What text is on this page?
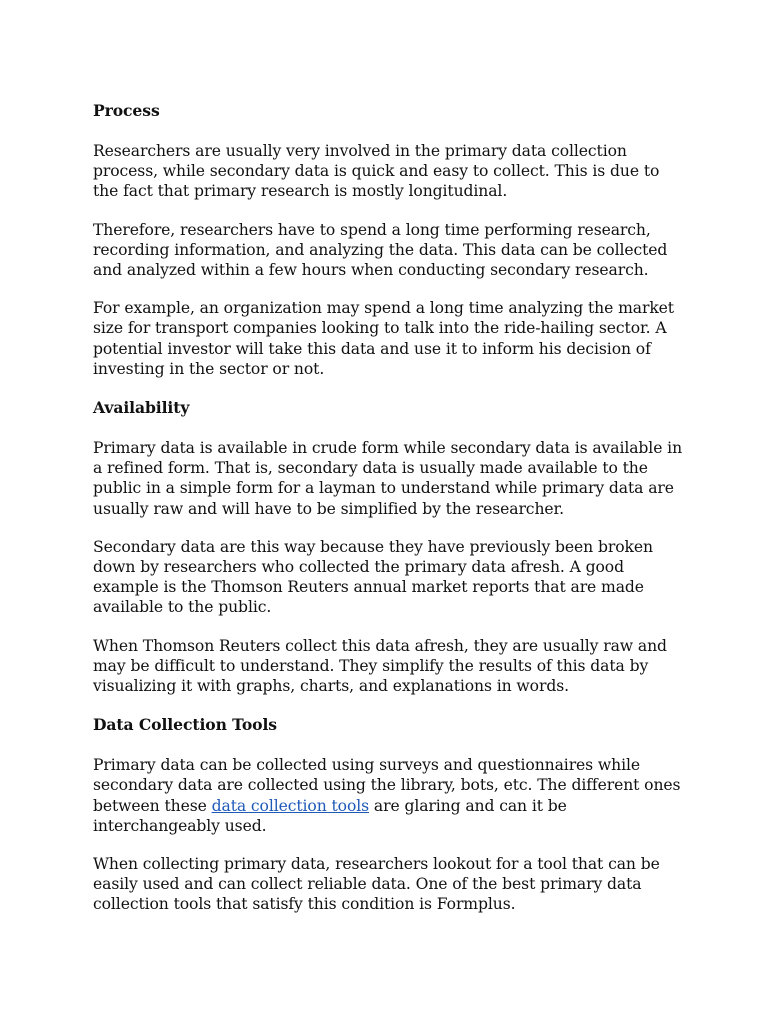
Process

Researchers are usually very involved in the primary data collection process, while secondary data is quick and easy to collect. This is due to the fact that primary research is mostly longitudinal.

Therefore, researchers have to spend a long time performing research, recording information, and analyzing the data. This data can be collected and analyzed within a few hours when conducting secondary research.

For example, an organization may spend a long time analyzing the market size for transport companies looking to talk into the ride-hailing sector. A potential investor will take this data and use it to inform his decision of investing in the sector or not.

Availability

Primary data is available in crude form while secondary data is available in a refined form. That is, secondary data is usually made available to the public in a simple form for a layman to understand while primary data are usually raw and will have to be simplified by the researcher.

Secondary data are this way because they have previously been broken down by researchers who collected the primary data afresh. A good example is the Thomson Reuters annual market reports that are made available to the public.

When Thomson Reuters collect this data afresh, they are usually raw and may be difficult to understand. They simplify the results of this data by visualizing it with graphs, charts, and explanations in words.

Data Collection Tools

Primary data can be collected using surveys and questionnaires while secondary data are collected using the library, bots, etc. The different ones between these data collection tools are glaring and can it be interchangeably used.

When collecting primary data, researchers lookout for a tool that can be easily used and can collect reliable data. One of the best primary data collection tools that satisfy this condition is Formplus.
